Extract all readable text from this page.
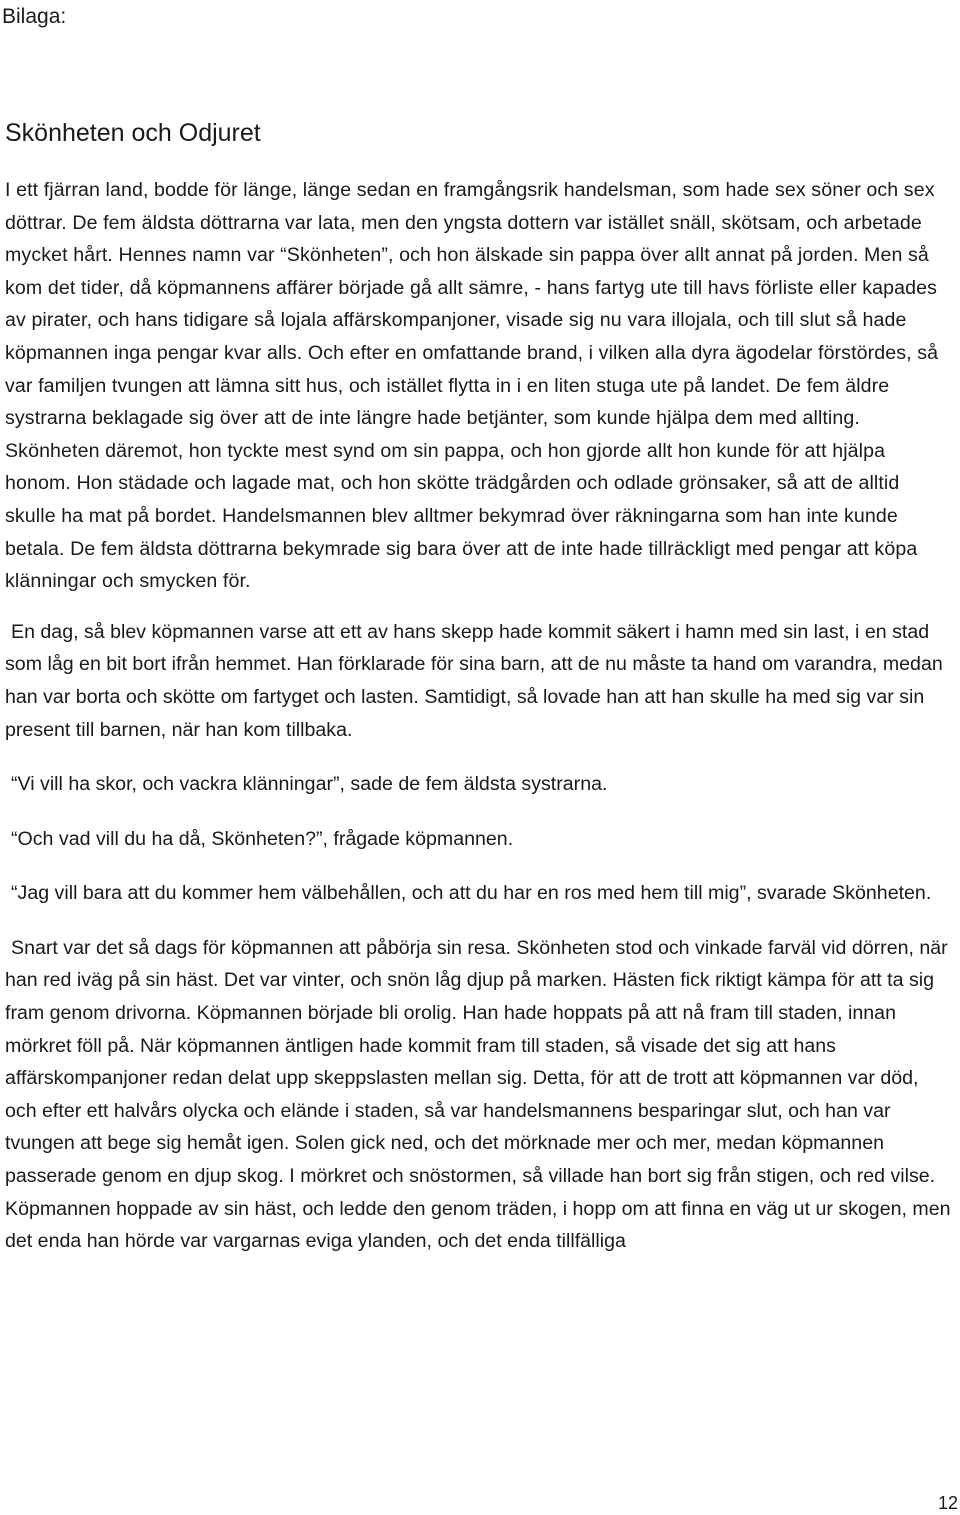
Bilaga:
Skönheten och Odjuret

I ett fjärran land, bodde för länge, länge sedan en framgångsrik handelsman, som hade sex söner och sex döttrar. De fem äldsta döttrarna var lata, men den yngsta dottern var istället snäll, skötsam, och arbetade mycket hårt. Hennes namn var “Skönheten”, och hon älskade sin pappa över allt annat på jorden. Men så kom det tider, då köpmannens affärer började gå allt sämre, - hans fartyg ute till havs förliste eller kapades av pirater, och hans tidigare så lojala affärskompanjoner, visade sig nu vara illojala, och till slut så hade köpmannen inga pengar kvar alls. Och efter en omfattande brand, i vilken alla dyra ägodelar förstördes, så var familjen tvungen att lämna sitt hus, och istället flytta in i en liten stuga ute på landet. De fem äldre systrarna beklagade sig över att de inte längre hade betjänter, som kunde hjälpa dem med allting. Skönheten däremot, hon tyckte mest synd om sin pappa, och hon gjorde allt hon kunde för att hjälpa honom. Hon städade och lagade mat, och hon skötte trädgården och odlade grönsaker, så att de alltid skulle ha mat på bordet. Handelsmannen blev alltmer bekymrad över räkningarna som han inte kunde betala. De fem äldsta döttrarna bekymrade sig bara över att de inte hade tillräckligt med pengar att köpa klänningar och smycken för.

En dag, så blev köpmannen varse att ett av hans skepp hade kommit säkert i hamn med sin last, i en stad som låg en bit bort ifrån hemmet. Han förklarade för sina barn, att de nu måste ta hand om varandra, medan han var borta och skötte om fartyget och lasten. Samtidigt, så lovade han att han skulle ha med sig var sin present till barnen, när han kom tillbaka.

“Vi vill ha skor, och vackra klänningar”, sade de fem äldsta systrarna.

“Och vad vill du ha då, Skönheten?”, frågade köpmannen.

“Jag vill bara att du kommer hem välbehållen, och att du har en ros med hem till mig”, svarade Skönheten.

Snart var det så dags för köpmannen att påbörja sin resa. Skönheten stod och vinkade farväl vid dörren, när han red iväg på sin häst. Det var vinter, och snön låg djup på marken. Hästen fick riktigt kämpa för att ta sig fram genom drivorna. Köpmannen började bli orolig. Han hade hoppats på att nå fram till staden, innan mörkret föll på. När köpmannen äntligen hade kommit fram till staden, så visade det sig att hans affärskompanjoner redan delat upp skeppslasten mellan sig. Detta, för att de trott att köpmannen var död, och efter ett halvårs olycka och elände i staden, så var handelsmannens besparingar slut, och han var tvungen att bege sig hemåt igen. Solen gick ned, och det mörknade mer och mer, medan köpmannen passerade genom en djup skog. I mörkret och snöstormen, så villade han bort sig från stigen, och red vilse. Köpmannen hoppade av sin häst, och ledde den genom träden, i hopp om att finna en väg ut ur skogen, men det enda han hörde var vargarnas eviga ylanden, och det enda tillfälliga

12
